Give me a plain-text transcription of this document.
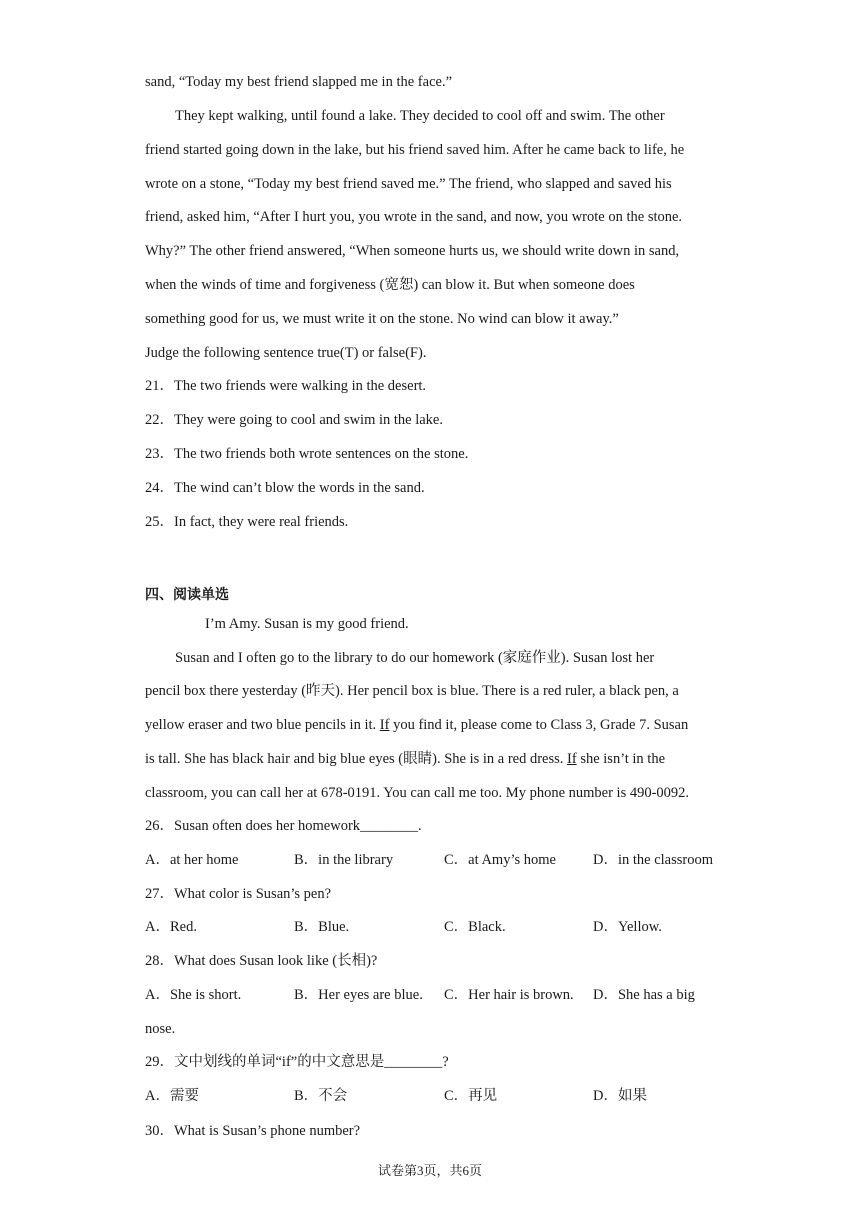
sand, “Today my best friend slapped me in the face.”
They kept walking, until found a lake. They decided to cool off and swim. The other
friend started going down in the lake, but his friend saved him. After he came back to life, he
wrote on a stone, “Today my best friend saved me.” The friend, who slapped and saved his
friend, asked him, “After I hurt you, you wrote in the sand, and now, you wrote on the stone.
Why?” The other friend answered, “When someone hurts us, we should write down in sand,
when the winds of time and forgiveness (宽恕) can blow it. But when someone does
something good for us, we must write it on the stone. No wind can blow it away.”
Judge the following sentence true(T) or false(F).
21．The two friends were walking in the desert.
22．They were going to cool and swim in the lake.
23．The two friends both wrote sentences on the stone.
24．The wind can’t blow the words in the sand.
25．In fact, they were real friends.
四、阅读单选
I’m Amy. Susan is my good friend.
Susan and I often go to the library to do our homework (家庭作业). Susan lost her
pencil box there yesterday (昨天). Her pencil box is blue. There is a red ruler, a black pen, a
yellow eraser and two blue pencils in it. If you find it, please come to Class 3, Grade 7. Susan
is tall. She has black hair and big blue eyes (眼睛). She is in a red dress. If she isn’t in the
classroom, you can call her at 678-0191. You can call me too. My phone number is 490-0092.
26．Susan often does her homework________.
A．at her home	B．in the library	C．at Amy’s home	D．in the classroom
27．What color is Susan’s pen?
A．Red.	B．Blue.	C．Black.	D．Yellow.
28．What does Susan look like (长相)?
A．She is short.	B．Her eyes are blue. C．Her hair is brown. D．She has a big
nose.
29．文中划线的单词“if”的中文意思是________?
A．需要	B．不会	C．再见	D．如果
30．What is Susan’s phone number?
试卷第3页，共6页
